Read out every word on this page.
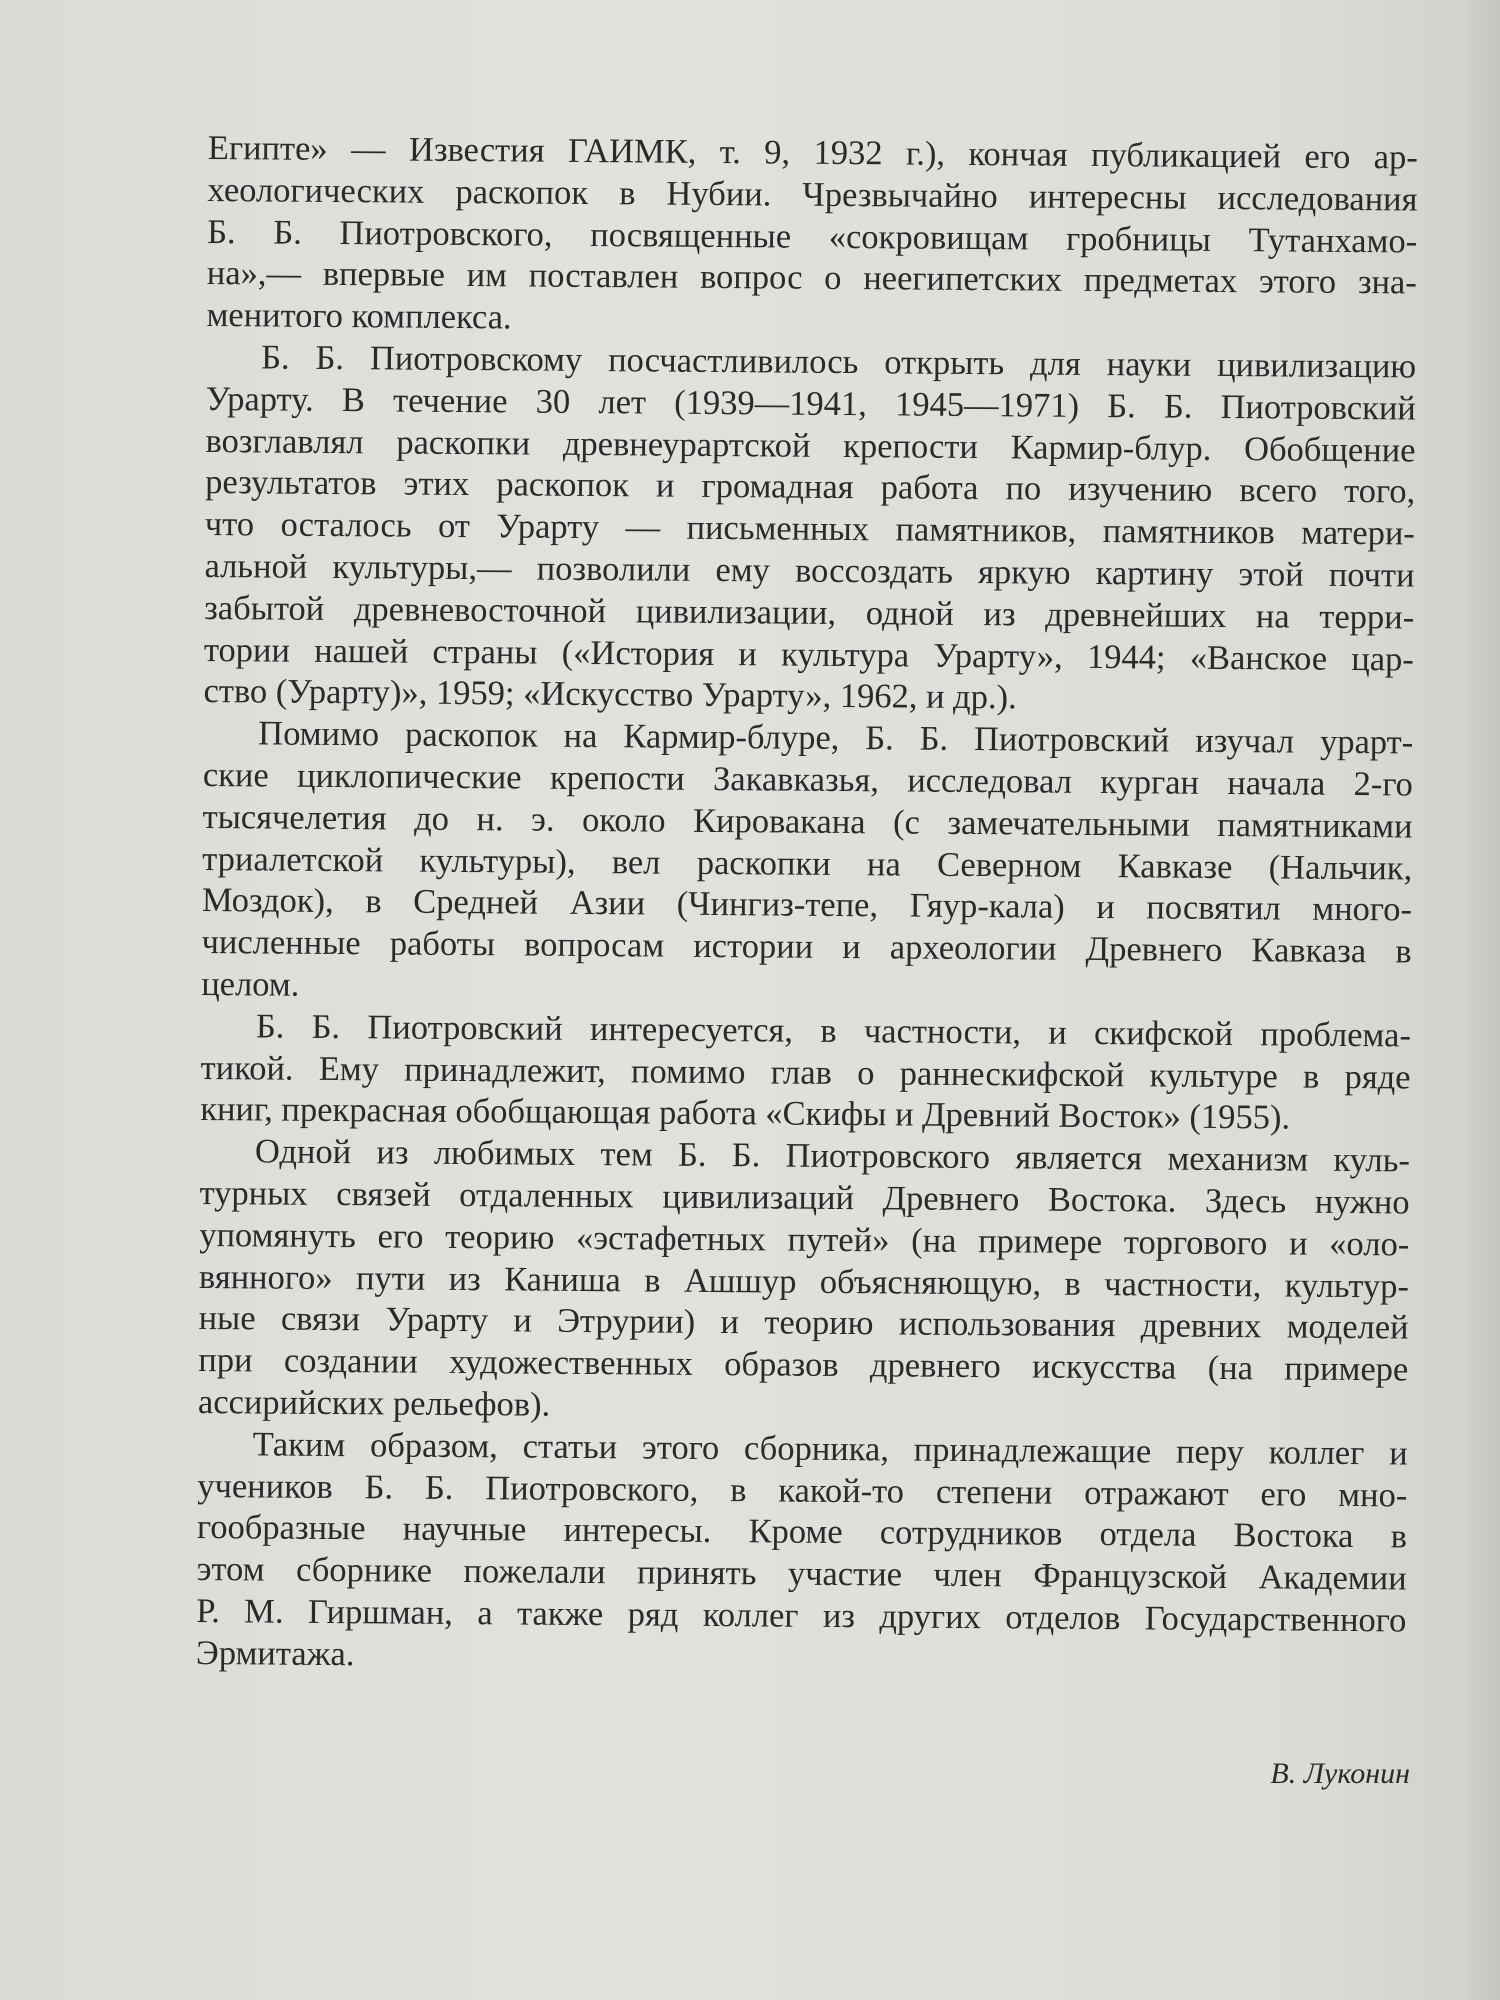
Египте» — Известия ГАИМК, т. 9, 1932 г.), кончая публикацией его ар-
хеологических раскопок в Нубии. Чрезвычайно интересны исследования
Б. Б. Пиотровского, посвященные «сокровищам гробницы Тутанхамо-
на»,— впервые им поставлен вопрос о неегипетских предметах этого зна-
менитого комплекса.
Б. Б. Пиотровскому посчастливилось открыть для науки цивилизацию
Урарту. В течение 30 лет (1939—1941, 1945—1971) Б. Б. Пиотровский
возглавлял раскопки древнеурартской крепости Кармир-блур. Обобщение
результатов этих раскопок и громадная работа по изучению всего того,
что осталось от Урарту — письменных памятников, памятников матери-
альной культуры,— позволили ему воссоздать яркую картину этой почти
забытой древневосточной цивилизации, одной из древнейших на терри-
тории нашей страны («История и культура Урарту», 1944; «Ванское цар-
ство (Урарту)», 1959; «Искусство Урарту», 1962, и др.).
Помимо раскопок на Кармир-блуре, Б. Б. Пиотровский изучал урарт-
ские циклопические крепости Закавказья, исследовал курган начала 2-го
тысячелетия до н. э. около Кировакана (с замечательными памятниками
триалетской культуры), вел раскопки на Северном Кавказе (Нальчик,
Моздок), в Средней Азии (Чингиз-тепе, Гяур-кала) и посвятил много-
численные работы вопросам истории и археологии Древнего Кавказа в
целом.
Б. Б. Пиотровский интересуется, в частности, и скифской проблема-
тикой. Ему принадлежит, помимо глав о раннескифской культуре в ряде
книг, прекрасная обобщающая работа «Скифы и Древний Восток» (1955).
Одной из любимых тем Б. Б. Пиотровского является механизм куль-
турных связей отдаленных цивилизаций Древнего Востока. Здесь нужно
упомянуть его теорию «эстафетных путей» (на примере торгового и «оло-
вянного» пути из Каниша в Ашшур объясняющую, в частности, культур-
ные связи Урарту и Этрурии) и теорию использования древних моделей
при создании художественных образов древнего искусства (на примере
ассирийских рельефов).
Таким образом, статьи этого сборника, принадлежащие перу коллег и
учеников Б. Б. Пиотровского, в какой-то степени отражают его мно-
гообразные научные интересы. Кроме сотрудников отдела Востока в
этом сборнике пожелали принять участие член Французской Академии
Р. М. Гиршман, а также ряд коллег из других отделов Государственного
Эрмитажа.
В. Луконин
